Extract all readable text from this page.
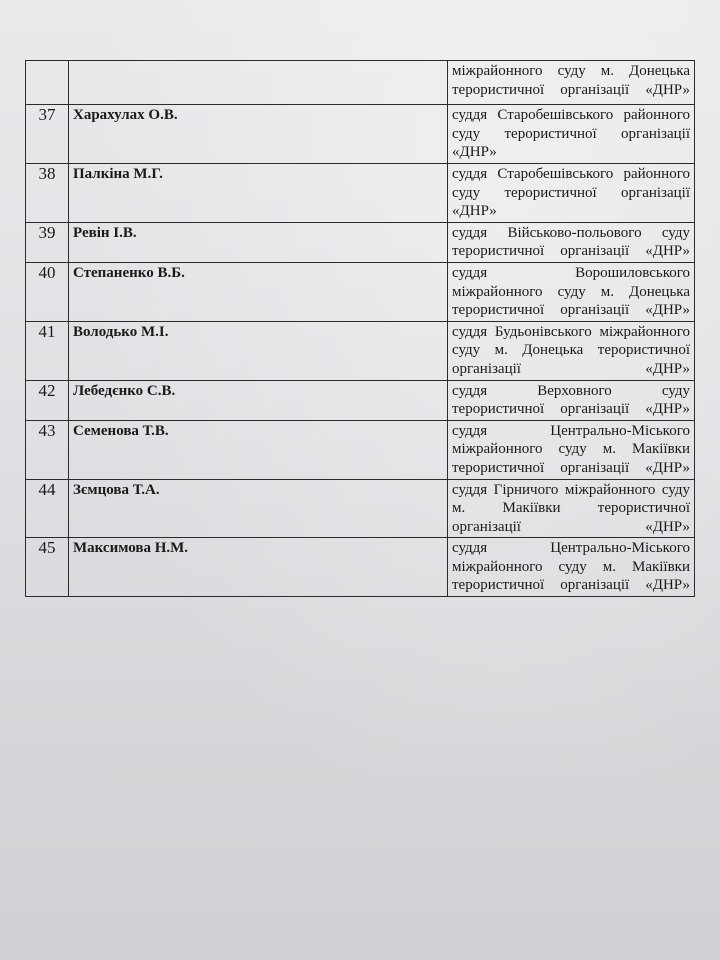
		міжрайонного суду м. Донецька терористичної організації «ДНР»
37	Харахулах О.В.	суддя Старобешівського районного суду терористичної організації «ДНР»
38	Палкіна М.Г.	суддя Старобешівського районного суду терористичної організації «ДНР»
39	Ревін І.В.	суддя Військово-польового суду терористичної організації «ДНР»
40	Степаненко В.Б.	суддя Ворошиловського міжрайонного суду м. Донецька терористичної організації «ДНР»
41	Володько М.І.	суддя Будьонівського міжрайонного суду м. Донецька терористичної організації «ДНР»
42	Лебедєнко С.В.	суддя Верховного суду терористичної організації «ДНР»
43	Семенова Т.В.	суддя Центрально-Міського міжрайонного суду м. Макіївки терористичної організації «ДНР»
44	Зємцова Т.А.	суддя Гірничого міжрайонного суду м. Макіївки терористичної організації «ДНР»
45	Максимова Н.М.	суддя Центрально-Міського міжрайонного суду м. Макіївки терористичної організації «ДНР»
